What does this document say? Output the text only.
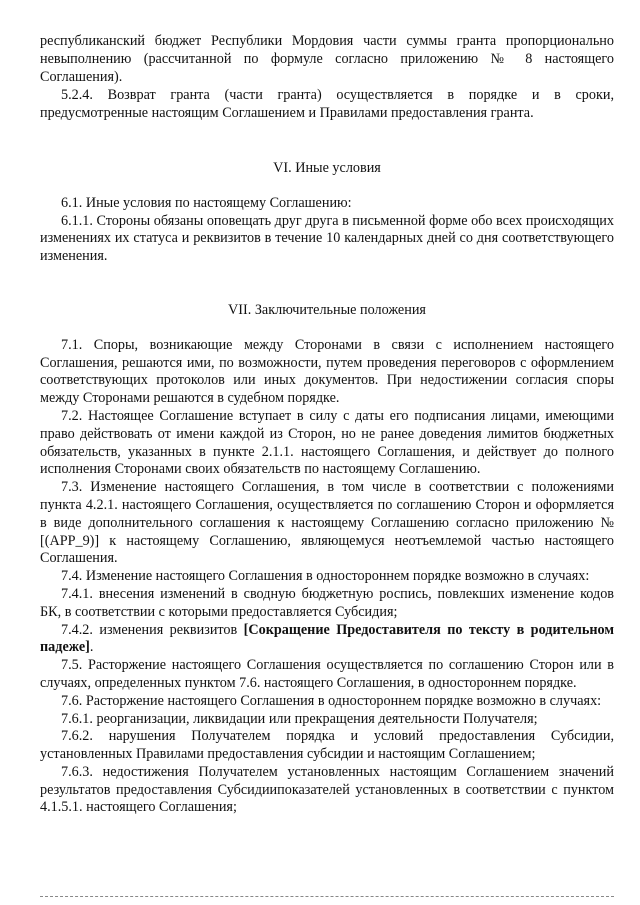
республиканский бюджет Республики Мордовия части суммы гранта пропорционально невыполнению (рассчитанной по формуле согласно приложению № 8 настоящего Соглашения).

5.2.4. Возврат гранта (части гранта) осуществляется в порядке и в сроки, предусмотренные настоящим Соглашением и Правилами предоставления гранта.

VI. Иные условия

6.1. Иные условия по настоящему Соглашению:

6.1.1. Стороны обязаны оповещать друг друга в письменной форме обо всех происходящих изменениях их статуса и реквизитов в течение 10 календарных дней со дня соответствующего изменения.

VII. Заключительные положения

7.1. Споры, возникающие между Сторонами в связи с исполнением настоящего Соглашения, решаются ими, по возможности, путем проведения переговоров с оформлением соответствующих протоколов или иных документов. При недостижении согласия споры между Сторонами решаются в судебном порядке.

7.2. Настоящее Соглашение вступает в силу с даты его подписания лицами, имеющими право действовать от имени каждой из Сторон, но не ранее доведения лимитов бюджетных обязательств, указанных в пункте 2.1.1. настоящего Соглашения, и действует до полного исполнения Сторонами своих обязательств по настоящему Соглашению.

7.3. Изменение настоящего Соглашения, в том числе в соответствии с положениями пункта 4.2.1. настоящего Соглашения, осуществляется по соглашению Сторон и оформляется в виде дополнительного соглашения к настоящему Соглашению согласно приложению № [(APP_9)] к настоящему Соглашению, являющемуся неотъемлемой частью настоящего Соглашения.

7.4. Изменение настоящего Соглашения в одностороннем порядке возможно в случаях:

7.4.1. внесения изменений в сводную бюджетную роспись, повлекших изменение кодов БК, в соответствии с которыми предоставляется Субсидия;

7.4.2. изменения реквизитов [Сокращение Предоставителя по тексту в родительном падеже].

7.5. Расторжение настоящего Соглашения осуществляется по соглашению Сторон или в случаях, определенных пунктом 7.6. настоящего Соглашения, в одностороннем порядке.

7.6. Расторжение настоящего Соглашения в одностороннем порядке возможно в случаях:

7.6.1. реорганизации, ликвидации или прекращения деятельности Получателя;

7.6.2. нарушения Получателем порядка и условий предоставления Субсидии, установленных Правилами предоставления субсидии и настоящим Соглашением;

7.6.3. недостижения Получателем установленных настоящим Соглашением значений результатов предоставления Субсидиипоказателей установленных в соответствии с пунктом 4.1.5.1. настоящего Соглашения;
